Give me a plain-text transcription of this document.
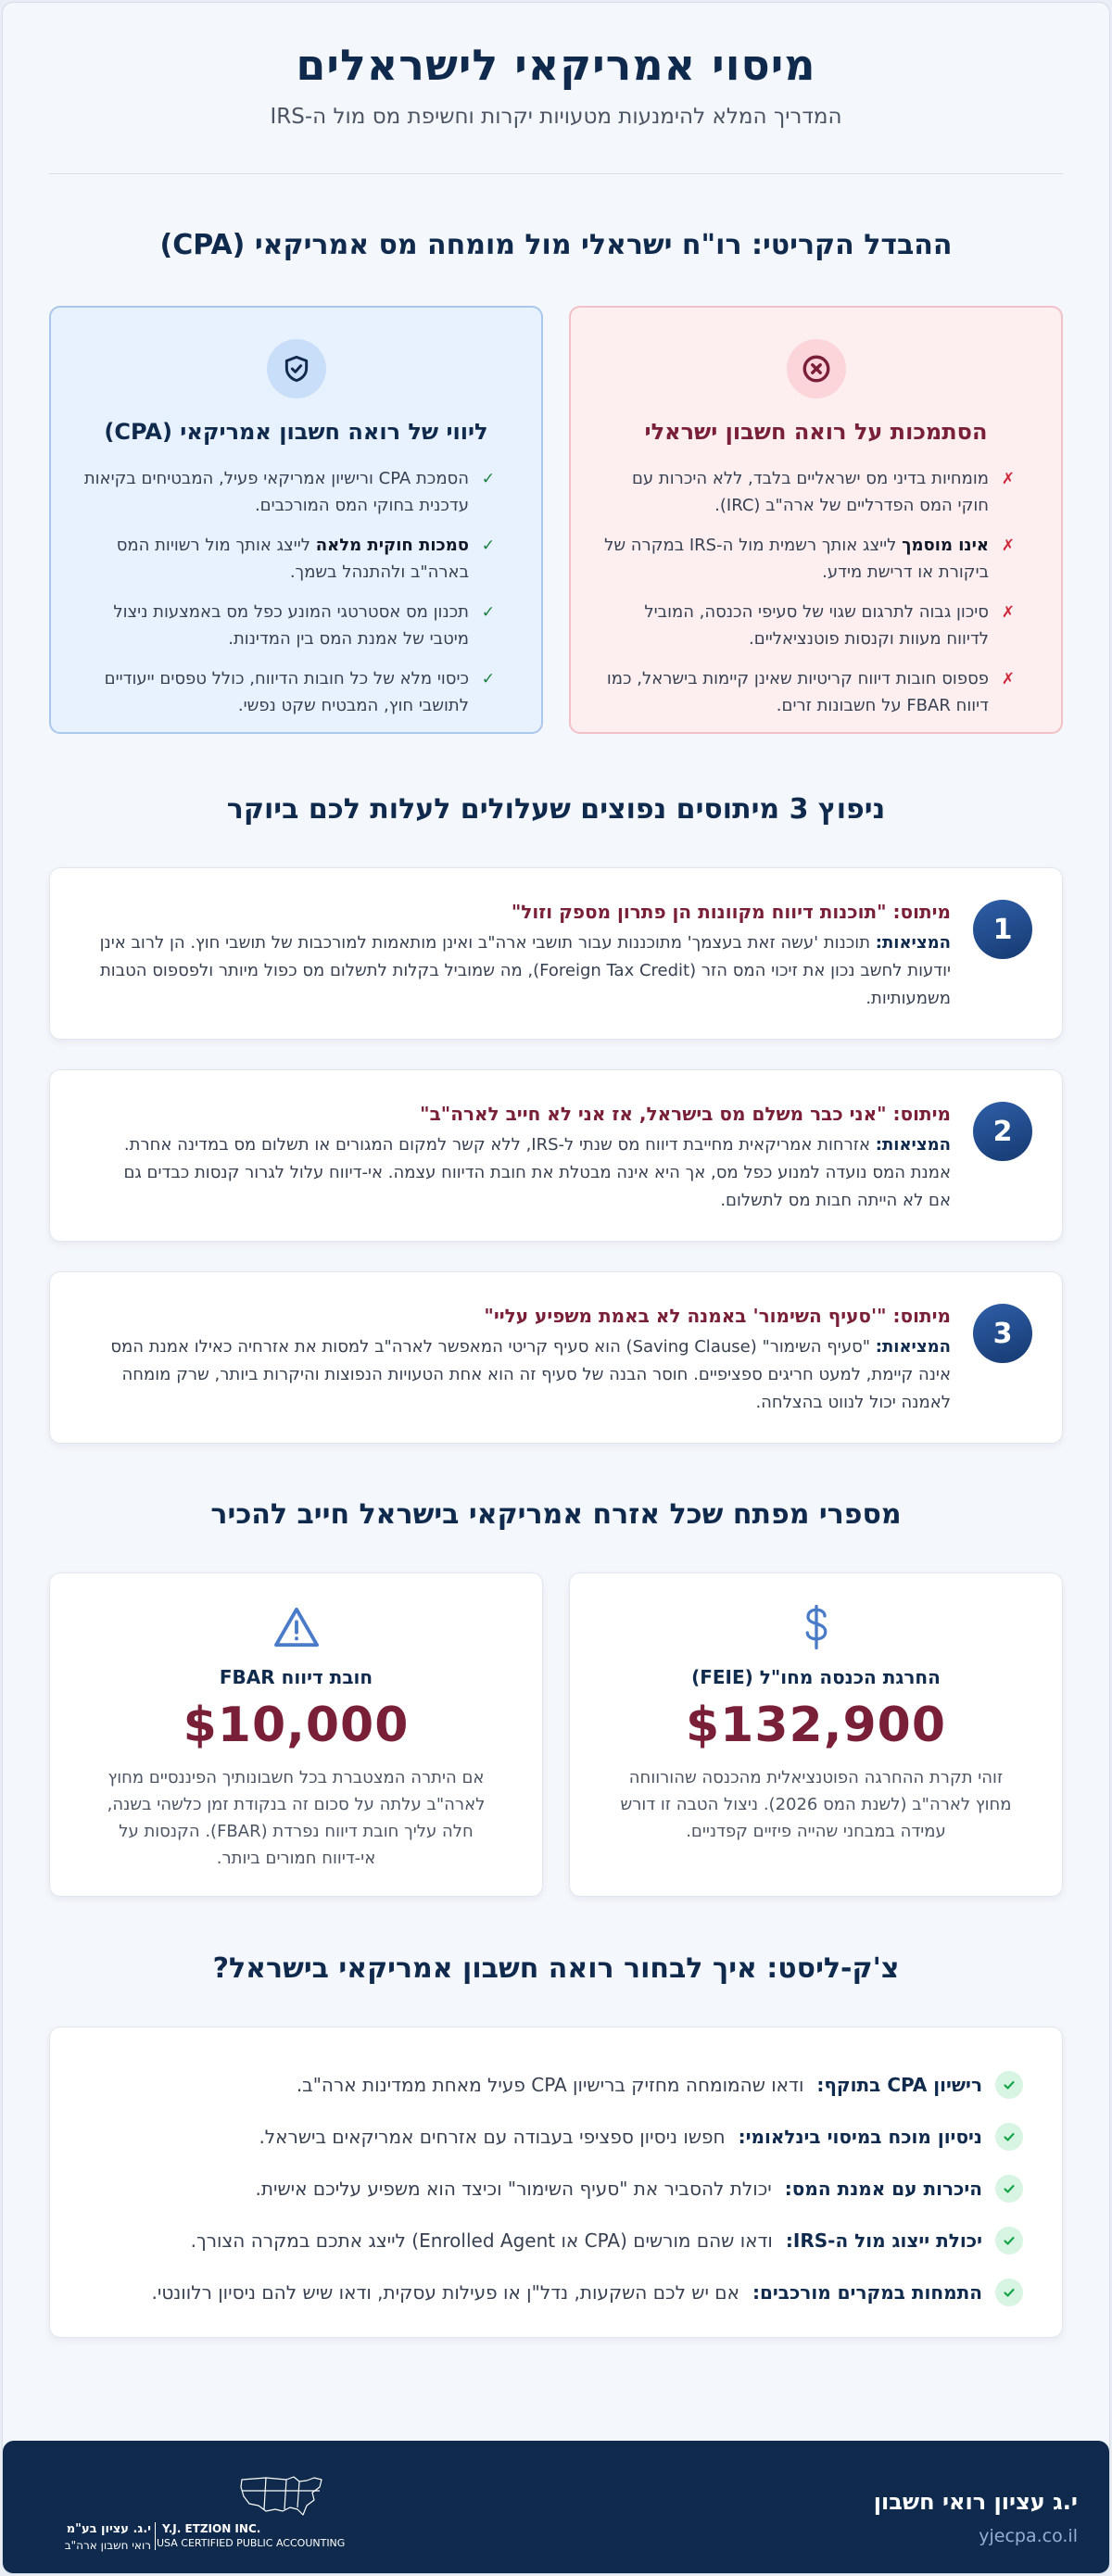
מיסוי אמריקאי לישראלים

המדריך המלא להימנעות מטעויות יקרות וחשיפת מס מול ה-IRS

ההבדל הקריטי: רו"ח ישראלי מול מומחה מס אמריקאי (CPA)
הסתמכות על רואה חשבון ישראלי
✗
מומחיות בדיני מס ישראליים בלבד, ללא היכרות עם חוקי המס הפדרליים של ארה"ב (IRC).
✗
אינו מוסמך לייצג אותך רשמית מול ה-IRS במקרה של ביקורת או דרישת מידע.
✗
סיכון גבוה לתרגום שגוי של סעיפי הכנסה, המוביל לדיווח מעוות וקנסות פוטנציאליים.
✗
פספוס חובות דיווח קריטיות שאינן קיימות בישראל, כמו דיווח FBAR על חשבונות זרים.
ליווי של רואה חשבון אמריקאי (CPA)
✓
הסמכת CPA ורישיון אמריקאי פעיל, המבטיחים בקיאות עדכנית בחוקי המס המורכבים.
✓
סמכות חוקית מלאה לייצג אותך מול רשויות המס בארה"ב ולהתנהל בשמך.
✓
תכנון מס אסטרטגי המונע כפל מס באמצעות ניצול מיטבי של אמנת המס בין המדינות.
✓
כיסוי מלא של כל חובות הדיווח, כולל טפסים ייעודיים לתושבי חוץ, המבטיח שקט נפשי.
ניפוץ 3 מיתוסים נפוצים שעלולים לעלות לכם ביוקר
1
מיתוס: "תוכנות דיווח מקוונות הן פתרון מספק וזול"
המציאות: תוכנות 'עשה זאת בעצמך' מתוכננות עבור תושבי ארה"ב ואינן מותאמות למורכבות של תושבי חוץ. הן לרוב אינן יודעות לחשב נכון את זיכוי המס הזר (Foreign Tax Credit), מה שמוביל בקלות לתשלום מס כפול מיותר ולפספוס הטבות משמעותיות.
2
מיתוס: "אני כבר משלם מס בישראל, אז אני לא חייב לארה"ב"
המציאות: אזרחות אמריקאית מחייבת דיווח מס שנתי ל-IRS, ללא קשר למקום המגורים או תשלום מס במדינה אחרת. אמנת המס נועדה למנוע כפל מס, אך היא אינה מבטלת את חובת הדיווח עצמה. אי-דיווח עלול לגרור קנסות כבדים גם אם לא הייתה חבות מס לתשלום.
3
מיתוס: "'סעיף השימור' באמנה לא באמת משפיע עליי"
המציאות: "סעיף השימור" (Saving Clause) הוא סעיף קריטי המאפשר לארה"ב למסות את אזרחיה כאילו אמנת המס אינה קיימת, למעט חריגים ספציפיים. חוסר הבנה של סעיף זה הוא אחת הטעויות הנפוצות והיקרות ביותר, שרק מומחה לאמנה יכול לנווט בהצלחה.
מספרי מפתח שכל אזרח אמריקאי בישראל חייב להכיר
החרגת הכנסה מחו"ל (FEIE)
$132,900
זוהי תקרת ההחרגה הפוטנציאלית מהכנסה שהורווחה מחוץ לארה"ב (לשנת המס 2026). ניצול הטבה זו דורש עמידה במבחני שהייה פיזיים קפדניים.
חובת דיווח FBAR
$10,000
אם היתרה המצטברת בכל חשבונותיך הפיננסיים מחוץ לארה"ב עלתה על סכום זה בנקודת זמן כלשהי בשנה, חלה עליך חובת דיווח נפרדת (FBAR). הקנסות על אי-דיווח חמורים ביותר.
צ'ק-ליסט: איך לבחור רואה חשבון אמריקאי בישראל?
רישיון CPA בתוקף:
ודאו שהמומחה מחזיק ברישיון CPA פעיל מאחת ממדינות ארה"ב.
ניסיון מוכח במיסוי בינלאומי:
חפשו ניסיון ספציפי בעבודה עם אזרחים אמריקאים בישראל.
היכרות עם אמנת המס:
יכולת להסביר את "סעיף השימור" וכיצד הוא משפיע עליכם אישית.
יכולת ייצוג מול ה-IRS:
ודאו שהם מורשים (CPA או Enrolled Agent) לייצג אתכם במקרה הצורך.
התמחות במקרים מורכבים:
אם יש לכם השקעות, נדל"ן או פעילות עסקית, ודאו שיש להם ניסיון רלוונטי.
י.ג עציון רואי חשבון
yjecpa.co.il
Y.J. ETZION INC.
USA CERTIFIED PUBLIC ACCOUNTING
י.ג. עציון בע"מ
רואי חשבון ארה"ב
